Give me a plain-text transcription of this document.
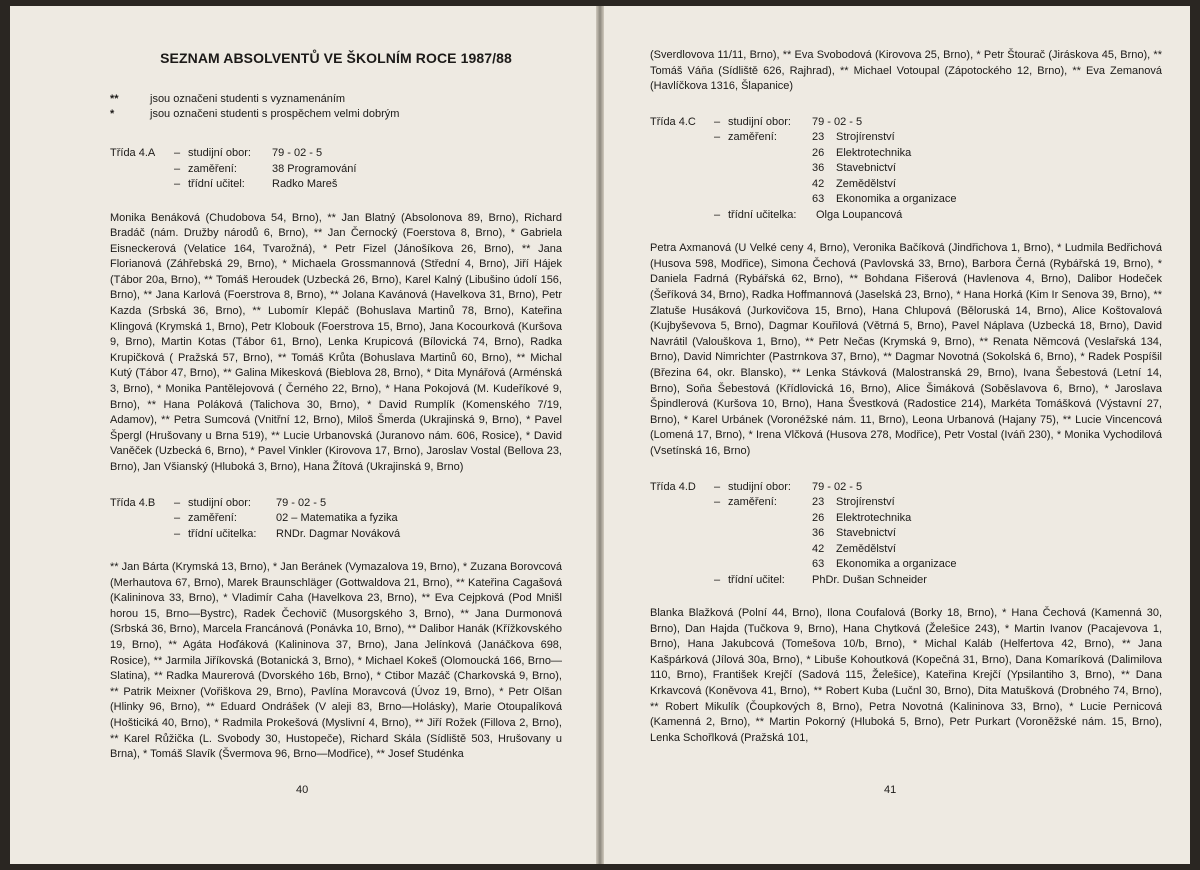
SEZNAM ABSOLVENTŮ VE ŠKOLNÍM ROCE 1987/88
**	jsou označeni studenti s vyznamenáním
*	jsou označeni studenti s prospěchem velmi dobrým
Třída 4.A	– studijní obor:	79 - 02 - 5
– zaměření:	38 Programování
– třídní učitel:	Radko Mareš

Monika Benáková (Chudobova 54, Brno), ** Jan Blatný (Absolonova 89, Brno), Richard Bradáč (nám. Družby národů 6, Brno), ** Jan Černocký (Foerstova 8, Brno), * Gabriela Eisneckerová (Velatice 164, Tvarožná), * Petr Fizel (Jánošíkova 26, Brno), ** Jana Florianová (Záhřebská 29, Brno), * Michaela Grossmannová (Střední 4, Brno), Jiří Hájek (Tábor 20a, Brno), ** Tomáš Heroudek (Uzbecká 26, Brno), Karel Kalný (Libušino údolí 156, Brno), ** Jana Karlová (Foerstrova 8, Brno), ** Jolana Kavánová (Havelkova 31, Brno), Petr Kazda (Srbská 36, Brno), ** Lubomír Klepáč (Bohuslava Martinů 78, Brno), Kateřina Klingová (Krymská 1, Brno), Petr Klobouk (Foerstrova 15, Brno), Jana Kocourková (Kuršova 9, Brno), Martin Kotas (Tábor 61, Brno), Lenka Krupicová (Bílovická 74, Brno), Radka Krupičková ( Pražská 57, Brno), ** Tomáš Krůta (Bohuslava Martinů 60, Brno), ** Michal Kutý (Tábor 47, Brno), ** Galina Mikesková (Bieblova 28, Brno), * Dita Mynářová (Arménská 3, Brno), * Monika Pantělejovová ( Černého 22, Brno), * Hana Pokojová (M. Kudeříkové 9, Brno), ** Hana Poláková (Talichova 30, Brno), * David Rumplík (Komenského 7/19, Adamov), ** Petra Sumcová (Vnitřní 12, Brno), Miloš Šmerda (Ukrajinská 9, Brno), * Pavel Špergl (Hrušovany u Brna 519), ** Lucie Urbanovská (Juranovo nám. 606, Rosice), * David Vaněček (Uzbecká 6, Brno), * Pavel Vinkler (Kirovova 17, Brno), Jaroslav Vostal (Bellova 23, Brno), Jan Všianský (Hluboká 3, Brno), Hana Žítová (Ukrajinská 9, Brno)

Třída 4.B	– studijní obor:	79 - 02 - 5
– zaměření:	02 – Matematika a fyzika
– třídní učitelka:	RNDr. Dagmar Nováková

** Jan Bárta (Krymská 13, Brno), * Jan Beránek (Vymazalova 19, Brno), * Zuzana Borovcová (Merhautova 67, Brno), Marek Braunschläger (Gottwaldova 21, Brno), ** Kateřina Cagašová (Kalininova 33, Brno), * Vladimír Caha (Havelkova 23, Brno), ** Eva Cejpková (Pod Mnišl horou 15, Brno—Bystrc), Radek Čechovič (Musorgského 3, Brno), ** Jana Durmonová (Srbská 36, Brno), Marcela Francánová (Ponávka 10, Brno), ** Dalibor Hanák (Křížkovského 19, Brno), ** Agáta Hoďáková (Kalininova 37, Brno), Jana Jelínková (Janáčkova 698, Rosice), ** Jarmila Jiříkovská (Botanická 3, Brno), * Michael Kokeš (Olomoucká 166, Brno—Slatina), ** Radka Maurerová (Dvorského 16b, Brno), * Ctibor Mazáč (Charkovská 9, Brno), ** Patrik Meixner (Vořiškova 29, Brno), Pavlína Moravcová (Úvoz 19, Brno), * Petr Olšan (Hlinky 96, Brno), ** Eduard Ondrášek (V aleji 83, Brno—Holásky), Marie Otoupalíková (Hošticiká 40, Brno), * Radmila Prokešová (Myslivní 4, Brno), ** Jiří Rožek (Fillova 2, Brno), ** Karel Růžička (L. Svobody 30, Hustopeče), Richard Skála (Sídliště 503, Hrušovany u Brna), * Tomáš Slavík (Švermova 96, Brno—Modřice), ** Josef Studénka

40

(Sverdlovova 11/11, Brno), ** Eva Svobodová (Kirovova 25, Brno), * Petr Štourač (Jiráskova 45, Brno), ** Tomáš Váňa (Sídliště 626, Rajhrad), ** Michael Votoupal (Zápotockého 12, Brno), ** Eva Zemanová (Havlíčkova 1316, Šlapanice)

Třída 4.C	– studijní obor:	79 - 02 - 5
– zaměření:	23	Strojírenství
26	Elektrotechnika
36	Stavebnictví
42	Zemědělství
63	Ekonomika a organizace
– třídní učitelka:	Olga Loupancová

Petra Axmanová (U Velké ceny 4, Brno), Veronika Bačíková (Jindřichova 1, Brno), * Ludmila Bedřichová (Husova 598, Modřice), Simona Čechová (Pavlovská 33, Brno), Barbora Černá (Rybářská 19, Brno), * Daniela Fadrná (Rybářská 62, Brno), ** Bohdana Fišerová (Havlenova 4, Brno), Dalibor Hodeček (Šeříková 34, Brno), Radka Hoffmannová (Jaselská 23, Brno), * Hana Horká (Kim Ir Senova 39, Brno), ** Zlatuše Husáková (Jurkovičova 15, Brno), Hana Chlupová (Běloruská 14, Brno), Alice Koštovalová (Kujbyševova 5, Brno), Dagmar Kouřilová (Větrná 5, Brno), Pavel Náplava (Uzbecká 18, Brno), David Navrátil (Valouškova 1, Brno), ** Petr Nečas (Krymská 9, Brno), ** Renata Němcová (Veslařská 134, Brno), David Nimrichter (Pastrnkova 37, Brno), ** Dagmar Novotná (Sokolská 6, Brno), * Radek Pospíšil (Březina 64, okr. Blansko), ** Lenka Stávková (Malostranská 29, Brno), Ivana Šebestová (Letní 14, Brno), Soňa Šebestová (Křídlovická 16, Brno), Alice Šimáková (Soběslavova 6, Brno), * Jaroslava Špindlerová (Kuršova 10, Brno), Hana Švestková (Radostice 214), Markéta Tomášková (Výstavní 27, Brno), * Karel Urbánek (Voronéžské nám. 11, Brno), Leona Urbanová (Hajany 75), ** Lucie Vincencová (Lomená 17, Brno), * Irena Vlčková (Husova 278, Modřice), Petr Vostal (Iváň 230), * Monika Vychodilová (Vsetínská 16, Brno)

Třída 4.D	– studijní obor:	79 - 02 - 5
– zaměření:	23	Strojírenství
26	Elektrotechnika
36	Stavebnictví
42	Zemědělství
63	Ekonomika a organizace
– třídní učitel:	PhDr. Dušan Schneider

Blanka Blažková (Polní 44, Brno), Ilona Coufalová (Borky 18, Brno), * Hana Čechová (Kamenná 30, Brno), Dan Hajda (Tučkova 9, Brno), Hana Chytková (Želešice 243), * Martin Ivanov (Pacajevova 1, Brno), Hana Jakubcová (Tomešova 10/b, Brno), * Michal Kaláb (Helfertova 42, Brno), ** Jana Kašpárková (Jílová 30a, Brno), * Libuše Kohoutková (Kopečná 31, Brno), Dana Komaríková (Dalimilova 110, Brno), František Krejčí (Sadová 115, Želešice), Kateřina Krejčí (Ypsilantiho 3, Brno), ** Dana Krkavcová (Koněvova 41, Brno), ** Robert Kuba (Lučnl 30, Brno), Dita Matušková (Drobného 74, Brno), ** Robert Mikulík (Čoupkových 8, Brno), Petra Novotná (Kalininova 33, Brno), * Lucie Pernicová (Kamenná 2, Brno), ** Martin Pokorný (Hluboká 5, Brno), Petr Purkart (Voroněžské nám. 15, Brno), Lenka Schořlková (Pražská 101,

41
